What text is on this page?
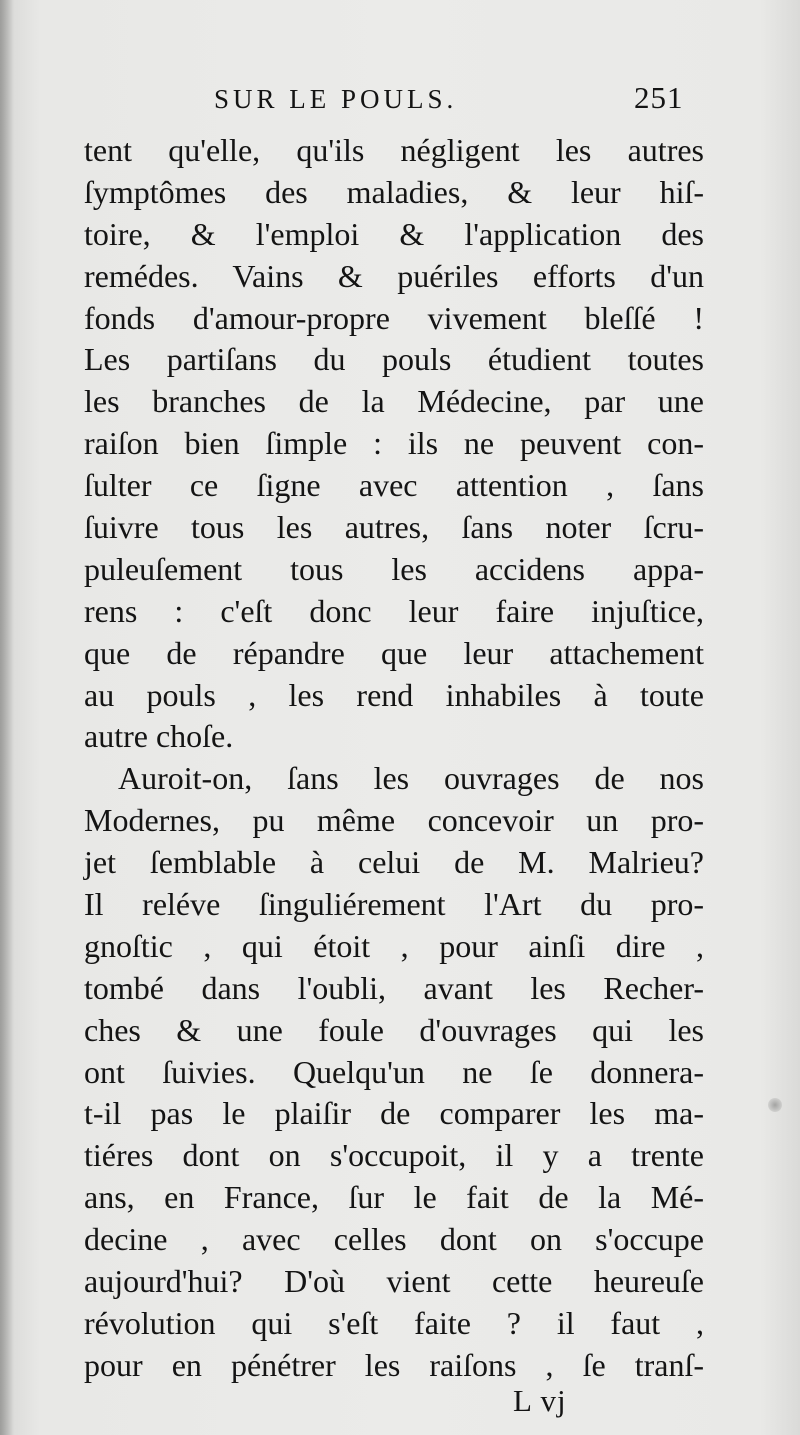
SUR LE POULS.	251
tent qu'elle, qu'ils négligent les autres
ſymptômes des maladies, & leur hiſ-
toire, & l'emploi & l'application des
remédes. Vains & puériles efforts d'un
fonds d'amour-propre vivement bleſſé !
Les partiſans du pouls étudient toutes
les branches de la Médecine, par une
raiſon bien ſimple : ils ne peuvent con-
ſulter ce ſigne avec attention , ſans
ſuivre tous les autres, ſans noter ſcru-
puleuſement tous les accidens appa-
rens : c'eſt donc leur faire injuſtice,
que de répandre que leur attachement
au pouls , les rend inhabiles à toute
autre choſe.
Auroit-on, ſans les ouvrages de nos
Modernes, pu même concevoir un pro-
jet ſemblable à celui de M. Malrieu?
Il reléve ſinguliérement l'Art du pro-
gnoſtic , qui étoit , pour ainſi dire ,
tombé dans l'oubli, avant les Recher-
ches & une foule d'ouvrages qui les
ont ſuivies. Quelqu'un ne ſe donnera-
t-il pas le plaiſir de comparer les ma-
tiéres dont on s'occupoit, il y a trente
ans, en France, ſur le fait de la Mé-
decine , avec celles dont on s'occupe
aujourd'hui? D'où vient cette heureuſe
révolution qui s'eſt faite ? il faut ,
pour en pénétrer les raiſons , ſe tranſ-
L vj
